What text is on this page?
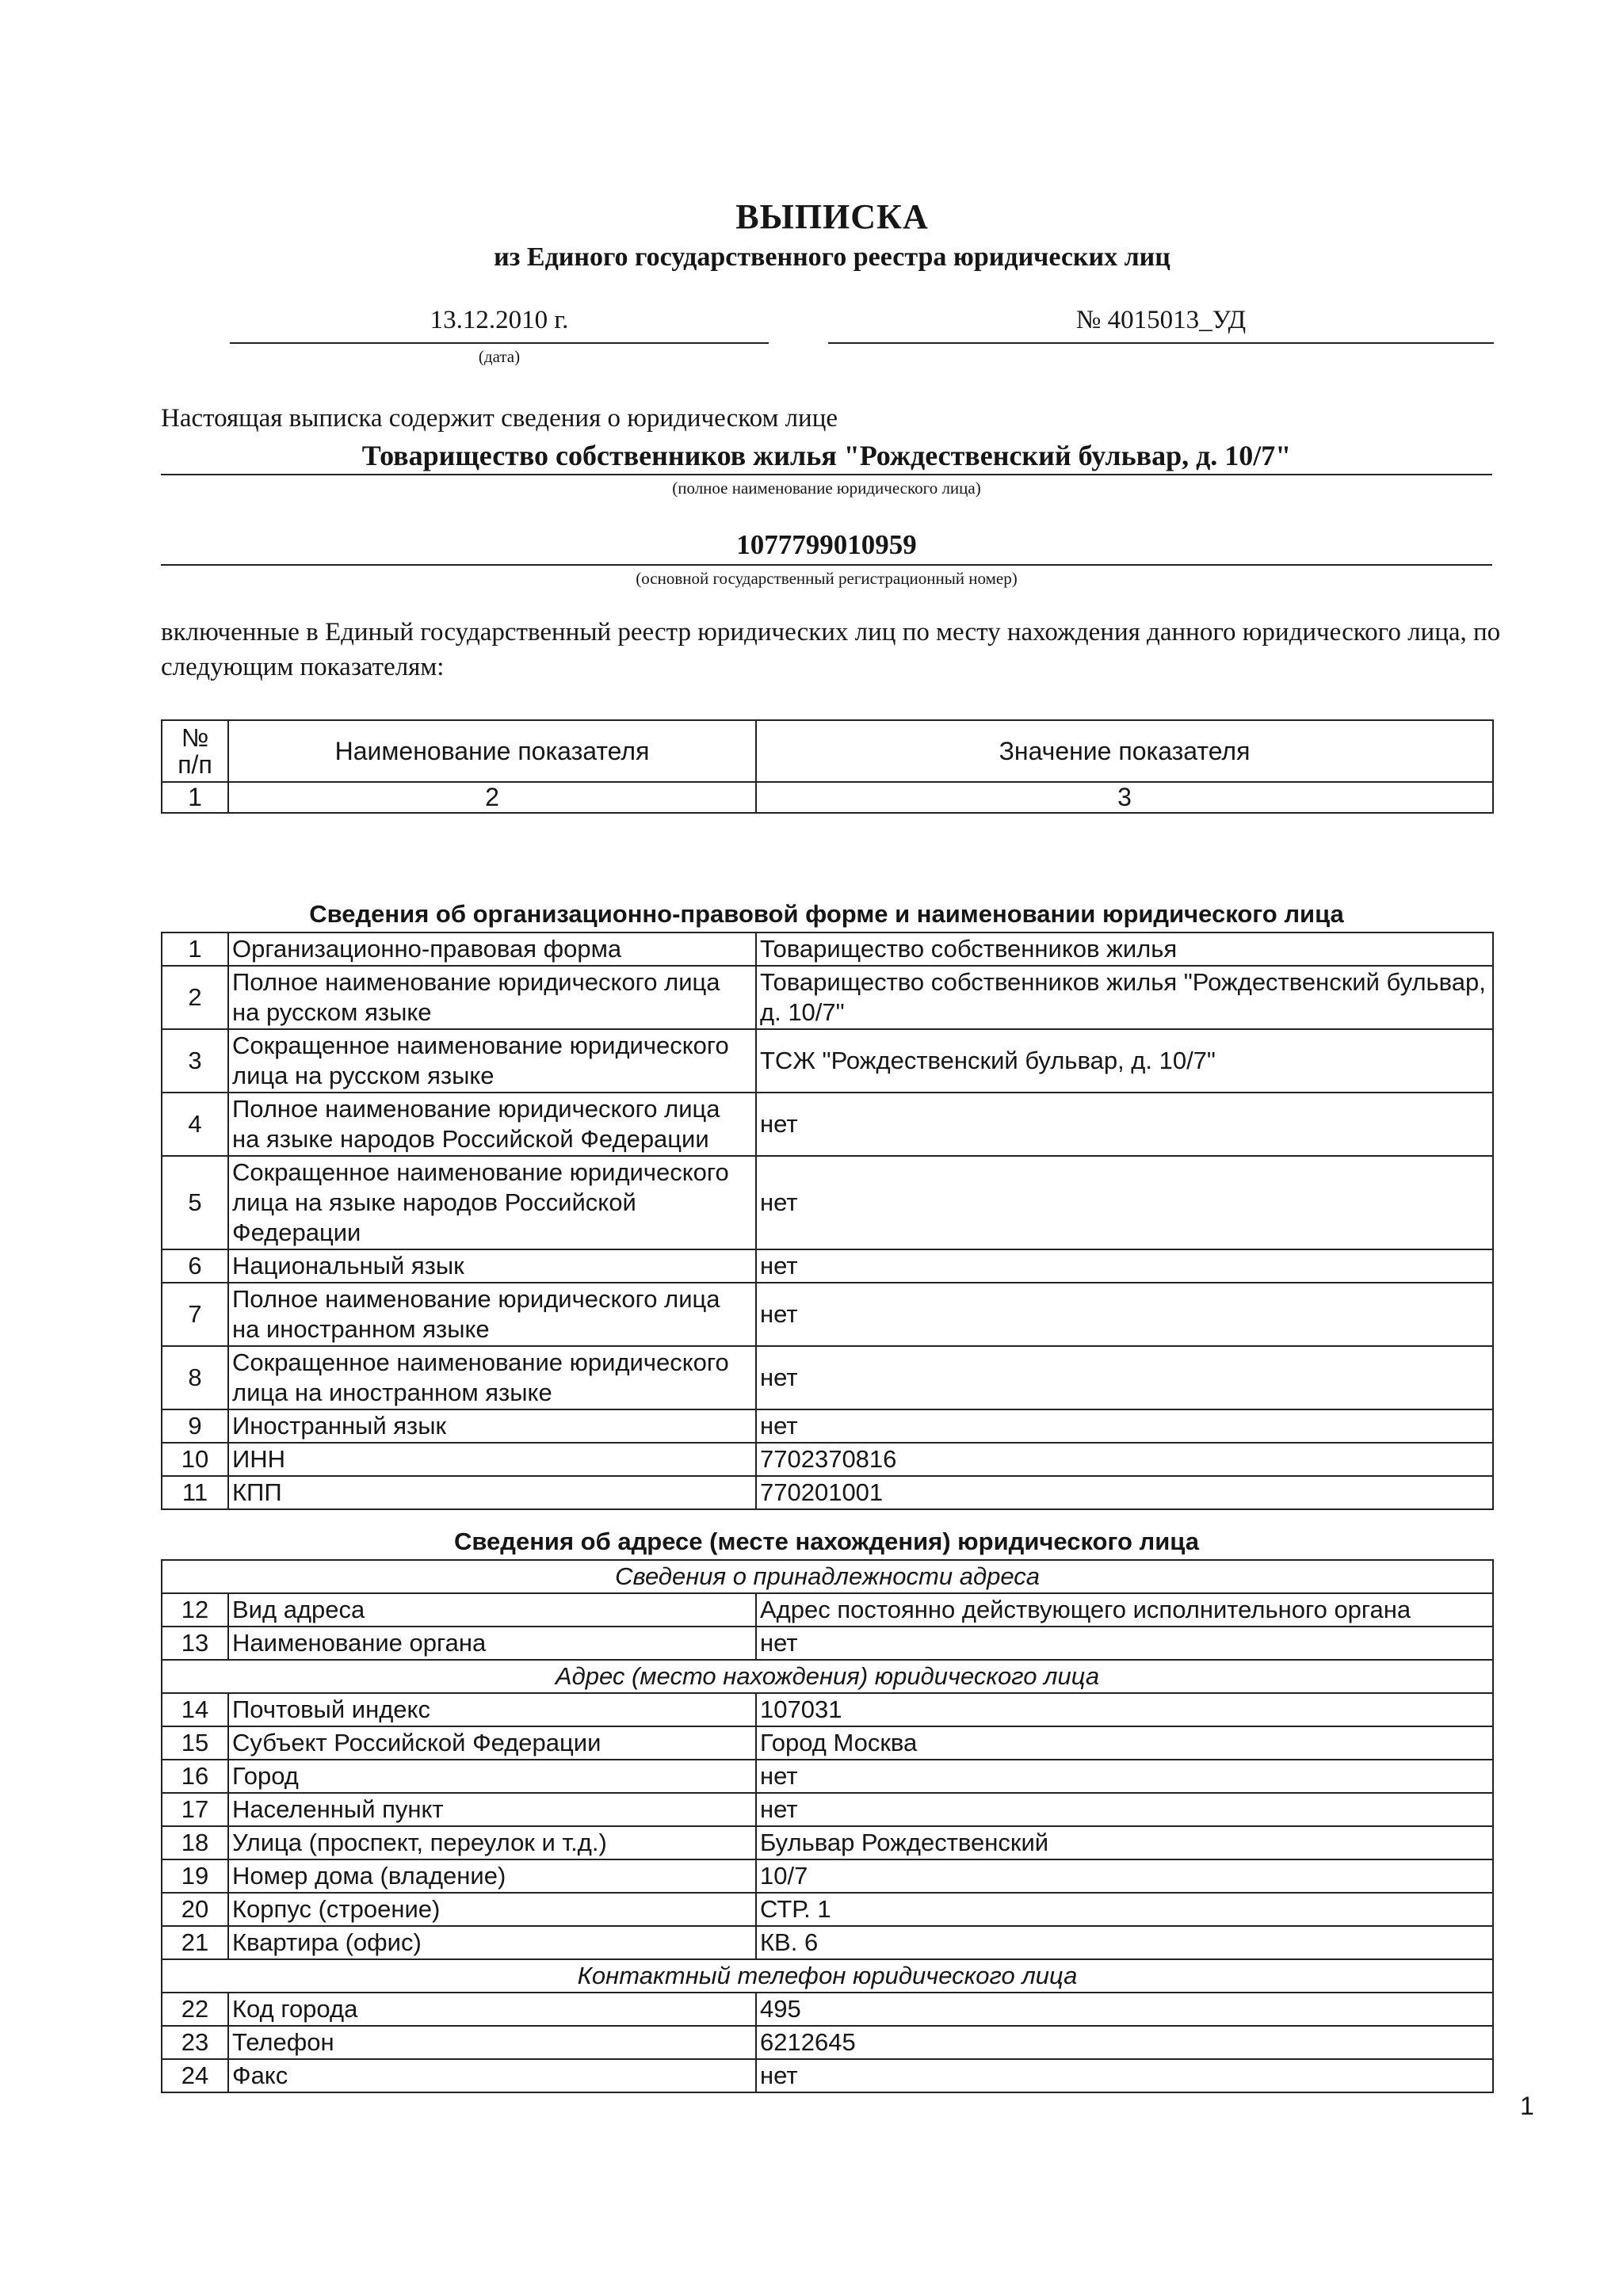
ВЫПИСКА
из Единого государственного реестра юридических лиц
13.12.2010 г.
(дата)
№ 4015013_УД
Настоящая выписка содержит сведения о юридическом лице
Товарищество собственников жилья "Рождественский бульвар, д. 10/7"
(полное наименование юридического лица)
1077799010959
(основной государственный регистрационный номер)
включенные в Единый государственный реестр юридических лиц по месту нахождения данного юридического лица, по следующим показателям:
№ п/п	Наименование показателя	Значение показателя
1	2	3
Сведения об организационно-правовой форме и наименовании юридического лица
1	Организационно-правовая форма	Товарищество собственников жилья
2	Полное наименование юридического лица на русском языке	Товарищество собственников жилья "Рождественский бульвар, д. 10/7"
3	Сокращенное наименование юридического лица на русском языке	ТСЖ "Рождественский бульвар, д. 10/7"
4	Полное наименование юридического лица на языке народов Российской Федерации	нет
5	Сокращенное наименование юридического лица на языке народов Российской Федерации	нет
6	Национальный язык	нет
7	Полное наименование юридического лица на иностранном языке	нет
8	Сокращенное наименование юридического лица на иностранном языке	нет
9	Иностранный язык	нет
10	ИНН	7702370816
11	КПП	770201001
Сведения об адресе (месте нахождения) юридического лица
Сведения о принадлежности адреса		
12	Вид адреса	Адрес постоянно действующего исполнительного органа
13	Наименование органа	нет
Адрес (место нахождения) юридического лица		
14	Почтовый индекс	107031
15	Субъект Российской Федерации	Город Москва
16	Город	нет
17	Населенный пункт	нет
18	Улица (проспект, переулок и т.д.)	Бульвар Рождественский
19	Номер дома (владение)	10/7
20	Корпус (строение)	СТР. 1
21	Квартира (офис)	КВ. 6
Контактный телефон юридического лица		
22	Код города	495
23	Телефон	6212645
24	Факс	нет
1
